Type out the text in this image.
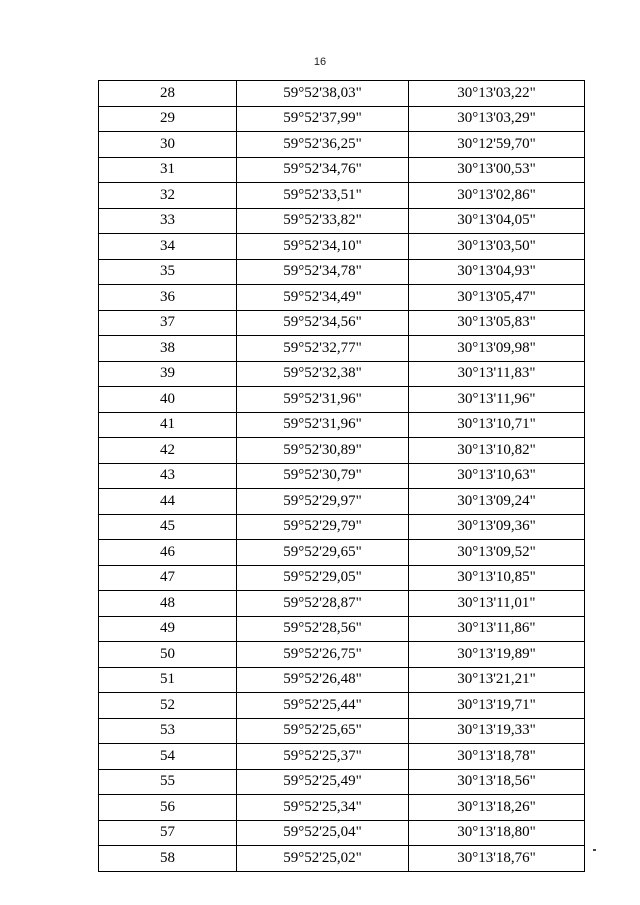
16
28	59°52'38,03"	30°13'03,22"
29	59°52'37,99"	30°13'03,29"
30	59°52'36,25"	30°12'59,70"
31	59°52'34,76"	30°13'00,53"
32	59°52'33,51"	30°13'02,86"
33	59°52'33,82"	30°13'04,05"
34	59°52'34,10"	30°13'03,50"
35	59°52'34,78"	30°13'04,93"
36	59°52'34,49"	30°13'05,47"
37	59°52'34,56"	30°13'05,83"
38	59°52'32,77"	30°13'09,98"
39	59°52'32,38"	30°13'11,83"
40	59°52'31,96"	30°13'11,96"
41	59°52'31,96"	30°13'10,71"
42	59°52'30,89"	30°13'10,82"
43	59°52'30,79"	30°13'10,63"
44	59°52'29,97"	30°13'09,24"
45	59°52'29,79"	30°13'09,36"
46	59°52'29,65"	30°13'09,52"
47	59°52'29,05"	30°13'10,85"
48	59°52'28,87"	30°13'11,01"
49	59°52'28,56"	30°13'11,86"
50	59°52'26,75"	30°13'19,89"
51	59°52'26,48"	30°13'21,21"
52	59°52'25,44"	30°13'19,71"
53	59°52'25,65"	30°13'19,33"
54	59°52'25,37"	30°13'18,78"
55	59°52'25,49"	30°13'18,56"
56	59°52'25,34"	30°13'18,26"
57	59°52'25,04"	30°13'18,80"
58	59°52'25,02"	30°13'18,76"
